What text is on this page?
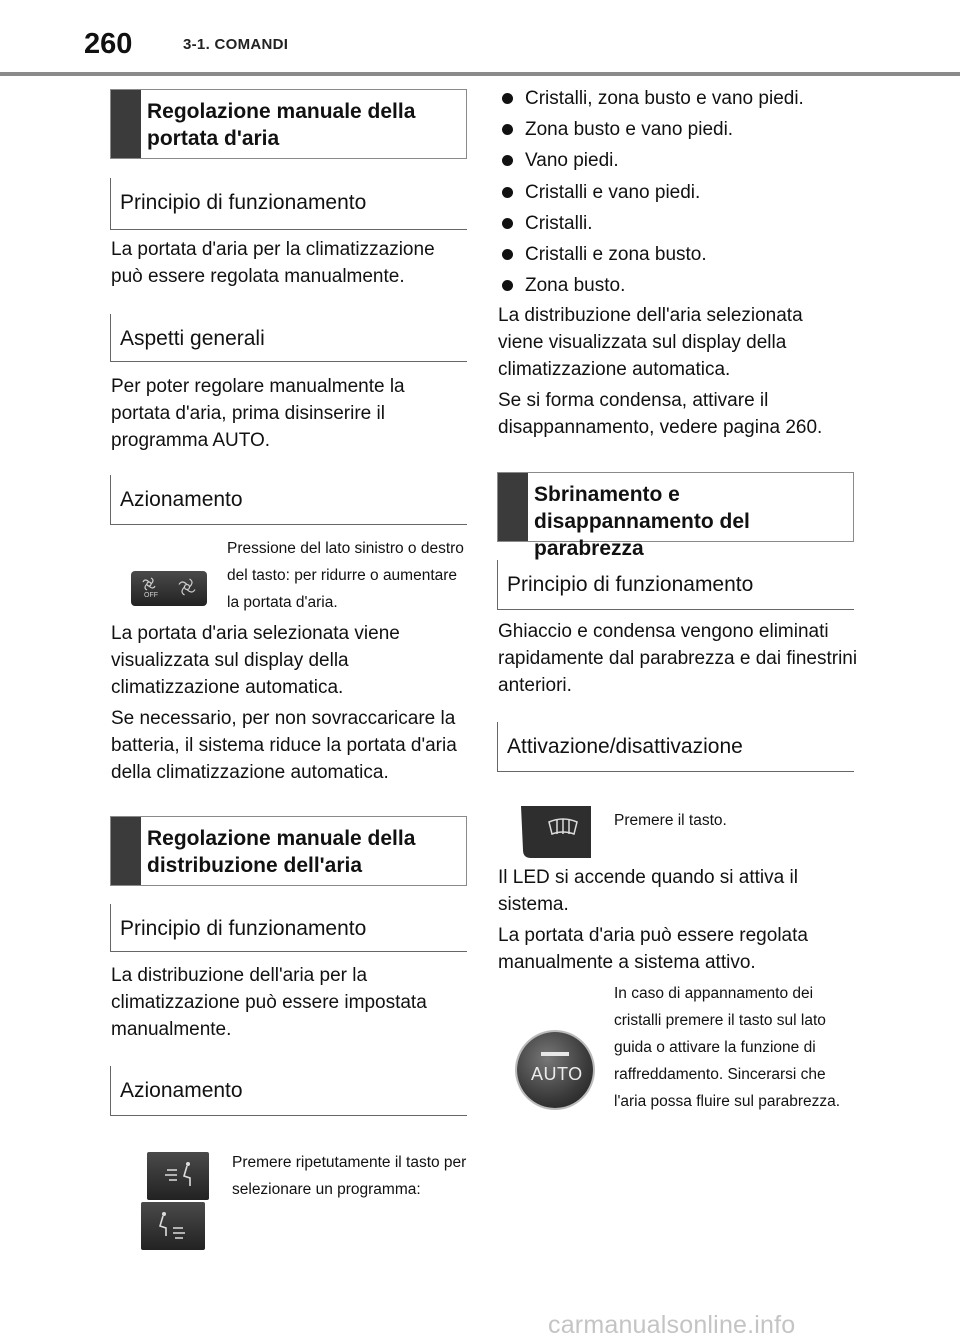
260	3-1. COMANDI
Regolazione manuale della portata d'aria
Principio di funzionamento

La portata d'aria per la climatizzazione può essere regolata manualmente.

Aspetti generali

Per poter regolare manualmente la portata d'aria, prima disinserire il programma AUTO.

Azionamento
OFF
Pressione del lato sinistro o destro del tasto: per ridurre o aumentare la portata d'aria.

La portata d'aria selezionata viene visualizzata sul display della climatizzazione automatica.

Se necessario, per non sovraccaricare la batteria, il sistema riduce la portata d'aria della climatizzazione automatica.

Regolazione manuale della distribuzione dell'aria
Principio di funzionamento

La distribuzione dell'aria per la climatizzazione può essere impostata manualmente.

Azionamento
Premere ripetutamente il tasto per selezionare un programma:
Cristalli, zona busto e vano piedi.
Zona busto e vano piedi.
Vano piedi.
Cristalli e vano piedi.
Cristalli.
Cristalli e zona busto.
Zona busto.

La distribuzione dell'aria selezionata viene visualizzata sul display della climatizzazione automatica.

Se si forma condensa, attivare il disappannamento, vedere pagina 260.

Sbrinamento e disappannamento del parabrezza
Principio di funzionamento

Ghiaccio e condensa vengono eliminati rapidamente dal parabrezza e dai finestrini anteriori.

Attivazione/disattivazione
Premere il tasto.

Il LED si accende quando si attiva il sistema.

La portata d'aria può essere regolata manualmente a sistema attivo.

AUTO
In caso di appannamento dei cristalli premere il tasto sul lato guida o attivare la funzione di raffreddamento. Sincerarsi che l'aria possa fluire sul parabrezza.
carmanualsonline.info
